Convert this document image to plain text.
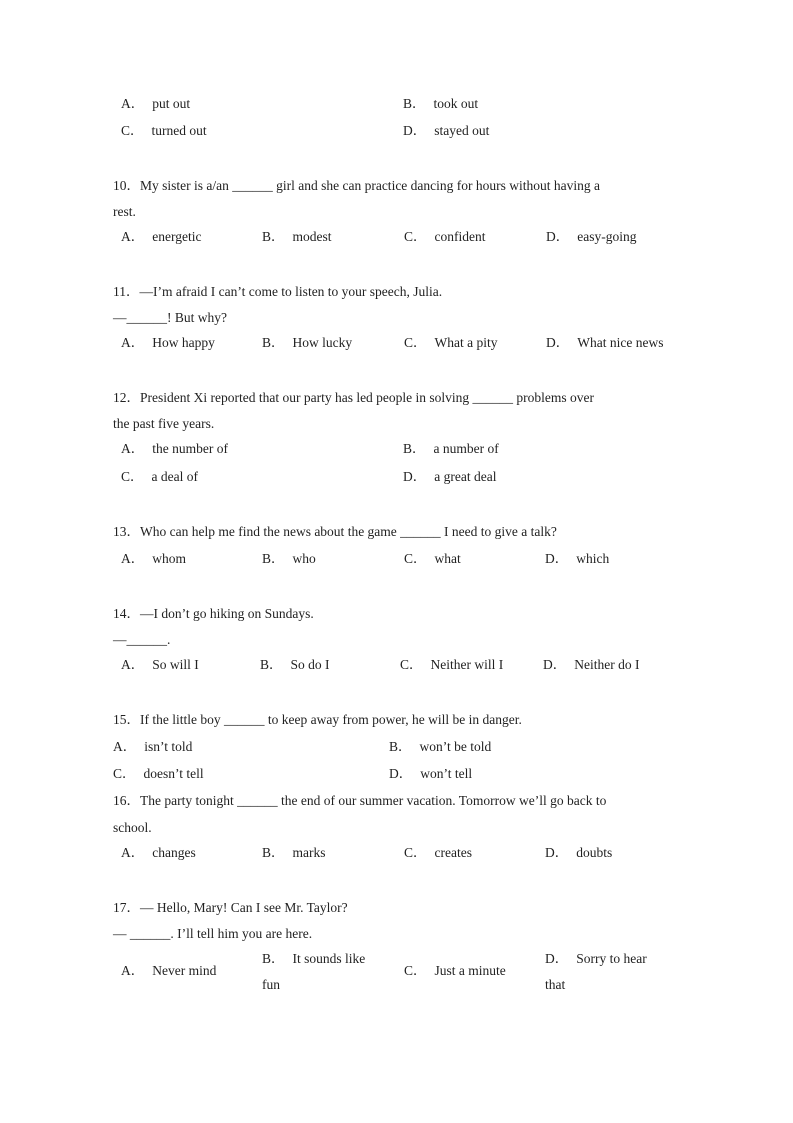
A． put out	B． took out
C． turned out	D． stayed out
10．My sister is a/an ______ girl and she can practice dancing for hours without having a
rest.
A． energetic	B． modest	C． confident	D． easy-going
11．—I’m afraid I can’t come to listen to your speech, Julia.
—______! But why?
A． How happy	B． How lucky	C． What a pity	D． What nice news
12．President Xi reported that our party has led people in solving ______ problems over
the past five years.
A． the number of	B． a number of
C． a deal of	D． a great deal
13．Who can help me find the news about the game ______ I need to give a talk?
A． whom	B． who	C． what	D． which
14．—I don’t go hiking on Sundays.
—______.
A． So will I	B． So do I	C． Neither will I	D． Neither do I
15．If the little boy ______ to keep away from power, he will be in danger.
A． isn’t told	B． won’t be told
C． doesn’t tell	D． won’t tell
16．The party tonight ______ the end of our summer vacation. Tomorrow we’ll go back to
school.
A． changes	B． marks	C． creates	D． doubts
17．— Hello, Mary! Can I see Mr. Taylor?
— ______. I’ll tell him you are here.
A． Never mind
B． It sounds like
fun
C． Just a minute
D． Sorry to hear
that
